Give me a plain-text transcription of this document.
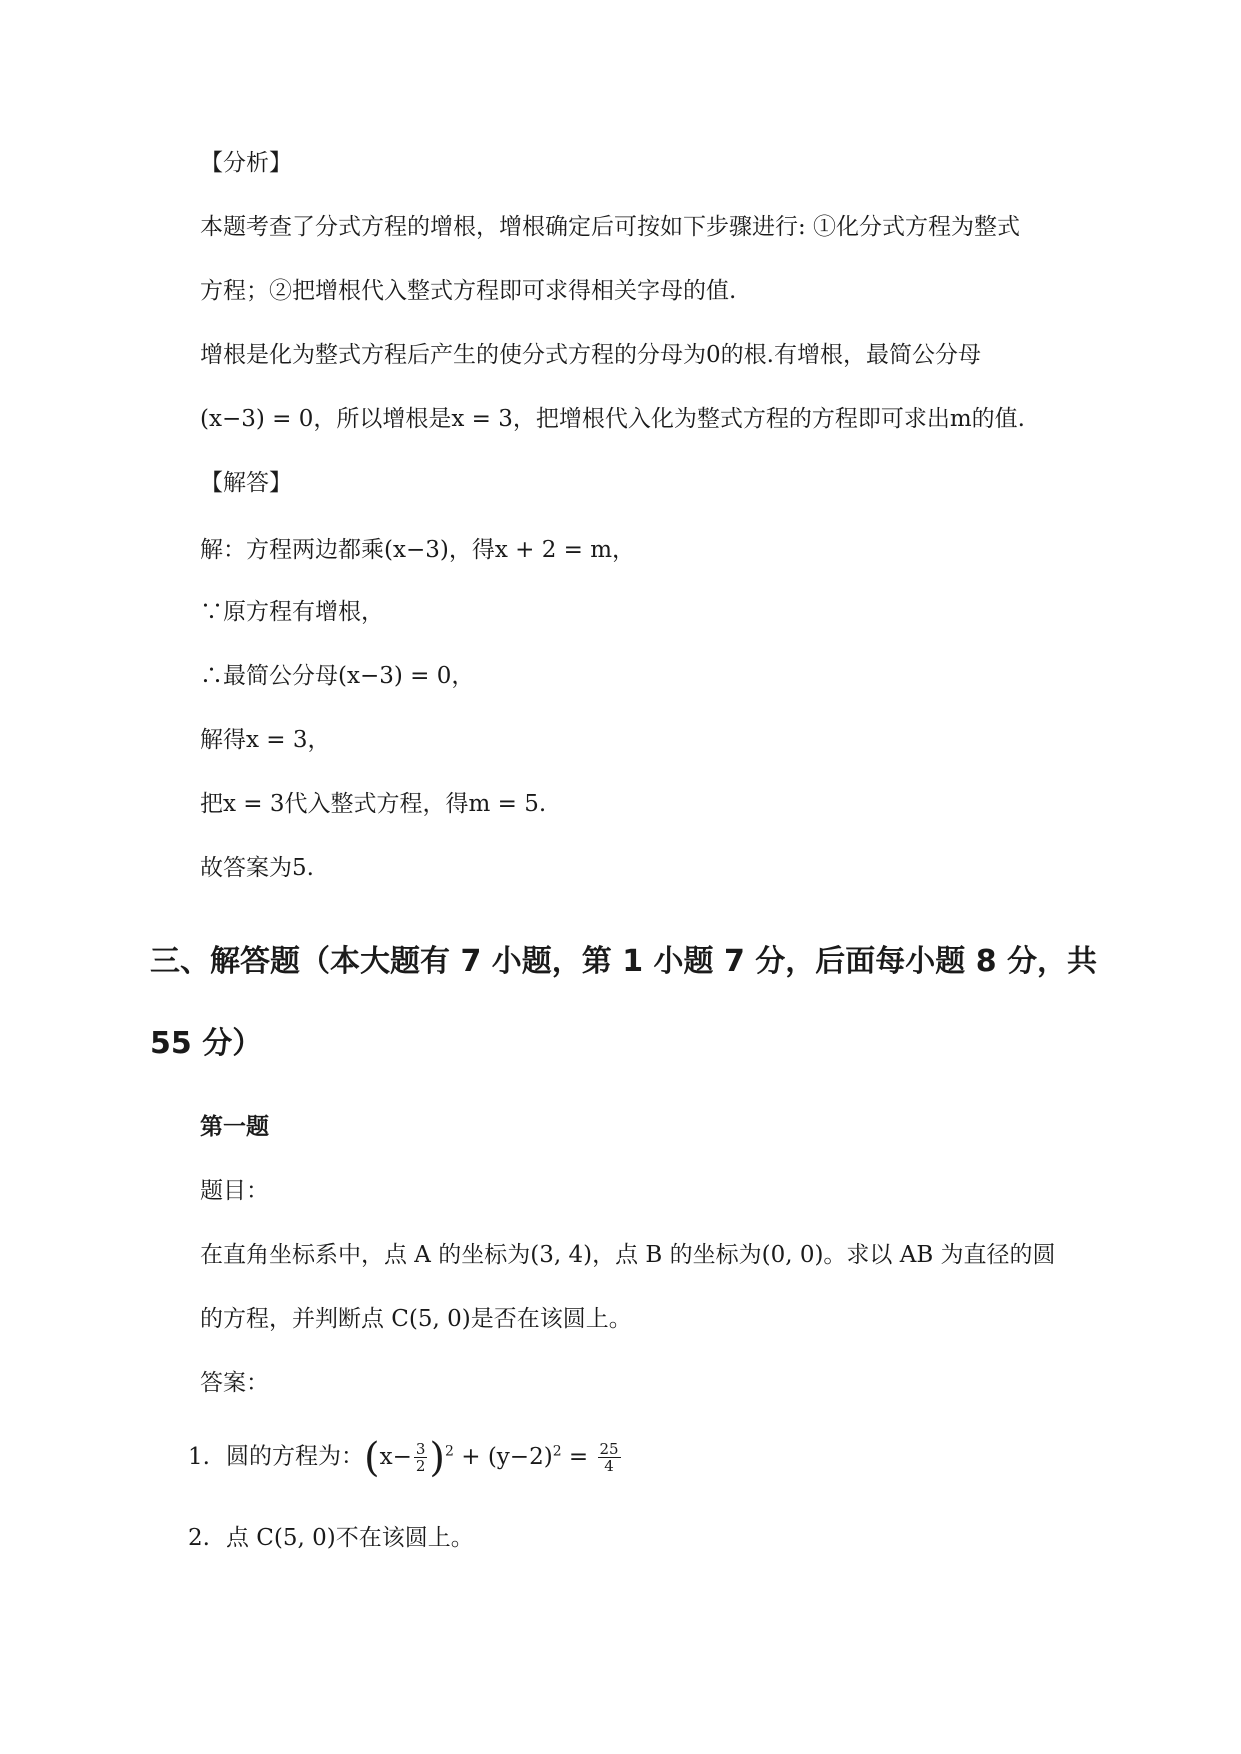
【分析】
本题考查了分式方程的增根，增根确定后可按如下步骤进行: ①化分式方程为整式
方程；②把增根代入整式方程即可求得相关字母的值.
增根是化为整式方程后产生的使分式方程的分母为0的根.有增根，最简公分母
(x−3) = 0，所以增根是x = 3，把增根代入化为整式方程的方程即可求出m的值.
【解答】
解：方程两边都乘(x−3)，得x + 2 = m，
∵原方程有增根，
∴最简公分母(x−3) = 0，
解得x = 3，
把x = 3代入整式方程，得m = 5.
故答案为5.
三、解答题（本大题有 7 小题，第 1 小题 7 分，后面每小题 8 分，共
55 分）
第一题
题目：
在直角坐标系中，点 A 的坐标为(3, 4)，点 B 的坐标为(0, 0)。求以 AB 为直径的圆
的方程，并判断点 C(5, 0)是否在该圆上。
答案：
1. 圆的方程为：$(x- \frac{3}{2} )^2 + (y-2)^2 = \frac{25}{4}$
2. 点 C(5, 0)不在该圆上。
